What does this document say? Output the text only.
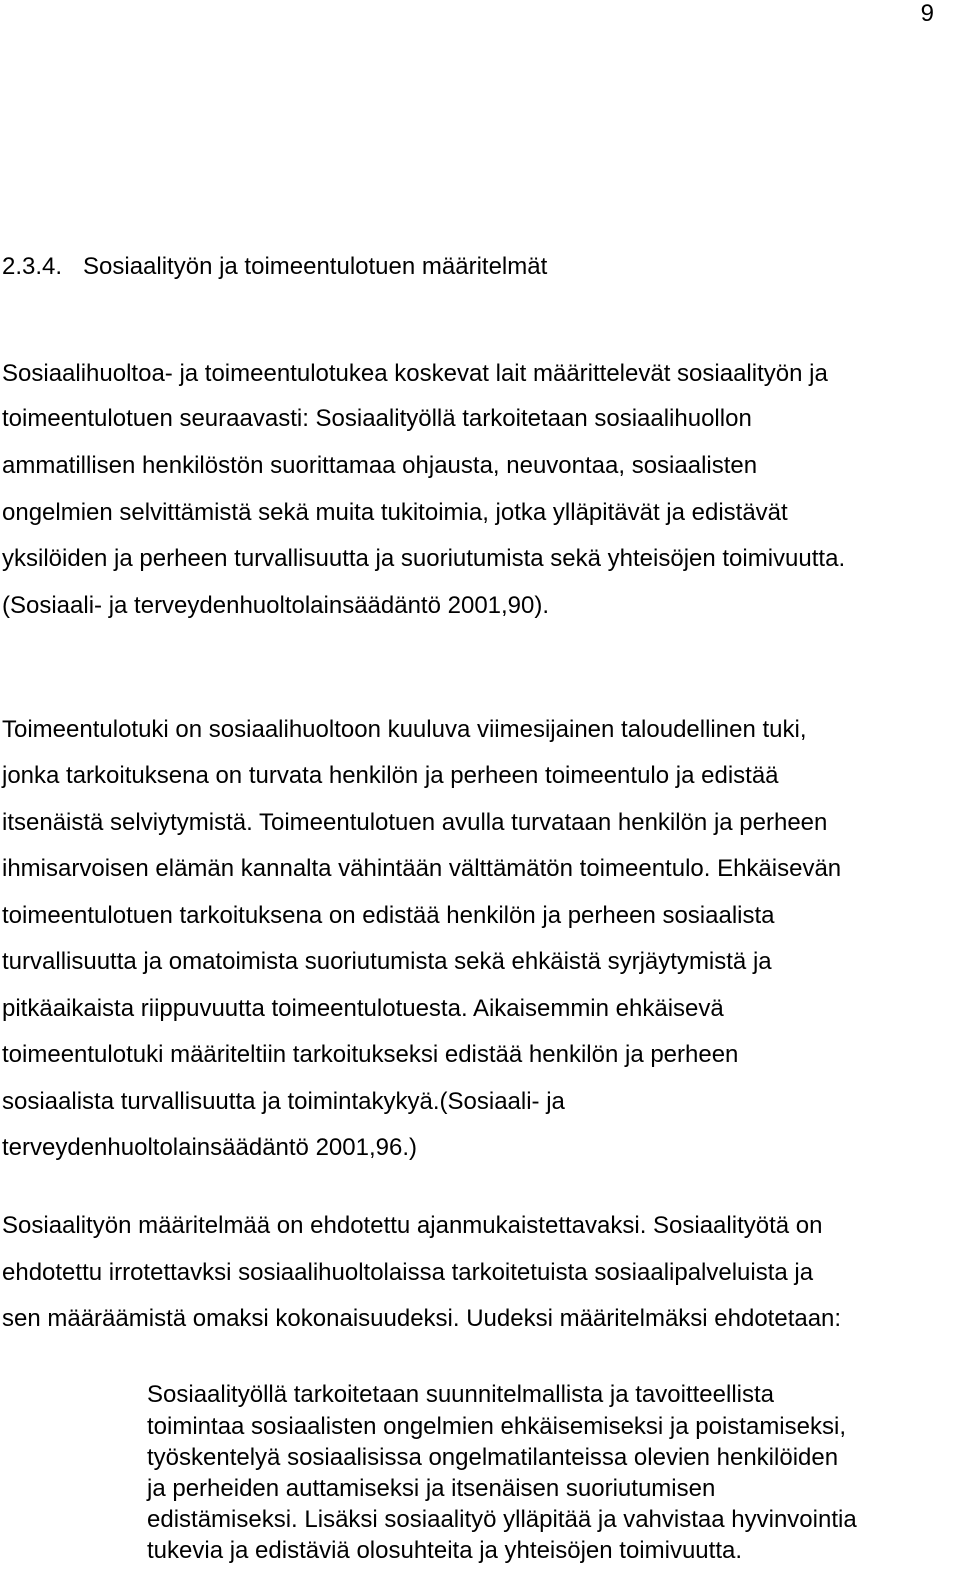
9
2.3.4. Sosiaalityön ja toimeentulotuen määritelmät
Sosiaalihuoltoa- ja toimeentulotukea koskevat lait määrittelevät sosiaalityön ja
toimeentulotuen seuraavasti: Sosiaalityöllä tarkoitetaan sosiaalihuollon
ammatillisen henkilöstön suorittamaa ohjausta, neuvontaa, sosiaalisten
ongelmien selvittämistä sekä muita tukitoimia, jotka ylläpitävät ja edistävät
yksilöiden ja perheen turvallisuutta ja suoriutumista sekä yhteisöjen toimivuutta.
(Sosiaali- ja terveydenhuoltolainsäädäntö 2001,90).
Toimeentulotuki on sosiaalihuoltoon kuuluva viimesijainen taloudellinen tuki,
jonka tarkoituksena on turvata henkilön ja perheen toimeentulo ja edistää
itsenäistä selviytymistä. Toimeentulotuen avulla turvataan henkilön ja perheen
ihmisarvoisen elämän kannalta vähintään välttämätön toimeentulo. Ehkäisevän
toimeentulotuen tarkoituksena on edistää henkilön ja perheen sosiaalista
turvallisuutta ja omatoimista suoriutumista sekä ehkäistä syrjäytymistä ja
pitkäaikaista riippuvuutta toimeentulotuesta. Aikaisemmin ehkäisevä
toimeentulotuki määriteltiin tarkoitukseksi edistää henkilön ja perheen
sosiaalista turvallisuutta ja toimintakykyä.(Sosiaali- ja
terveydenhuoltolainsäädäntö 2001,96.)
Sosiaalityön määritelmää on ehdotettu ajanmukaistettavaksi. Sosiaalityötä on
ehdotettu irrotettavksi sosiaalihuoltolaissa tarkoitetuista sosiaalipalveluista ja
sen määräämistä omaksi kokonaisuudeksi. Uudeksi määritelmäksi ehdotetaan:
Sosiaalityöllä tarkoitetaan suunnitelmallista ja tavoitteellista
toimintaa sosiaalisten ongelmien ehkäisemiseksi ja poistamiseksi,
työskentelyä sosiaalisissa ongelmatilanteissa olevien henkilöiden
ja perheiden auttamiseksi ja itsenäisen suoriutumisen
edistämiseksi. Lisäksi sosiaalityö ylläpitää ja vahvistaa hyvinvointia
tukevia ja edistäviä olosuhteita ja yhteisöjen toimivuutta.
